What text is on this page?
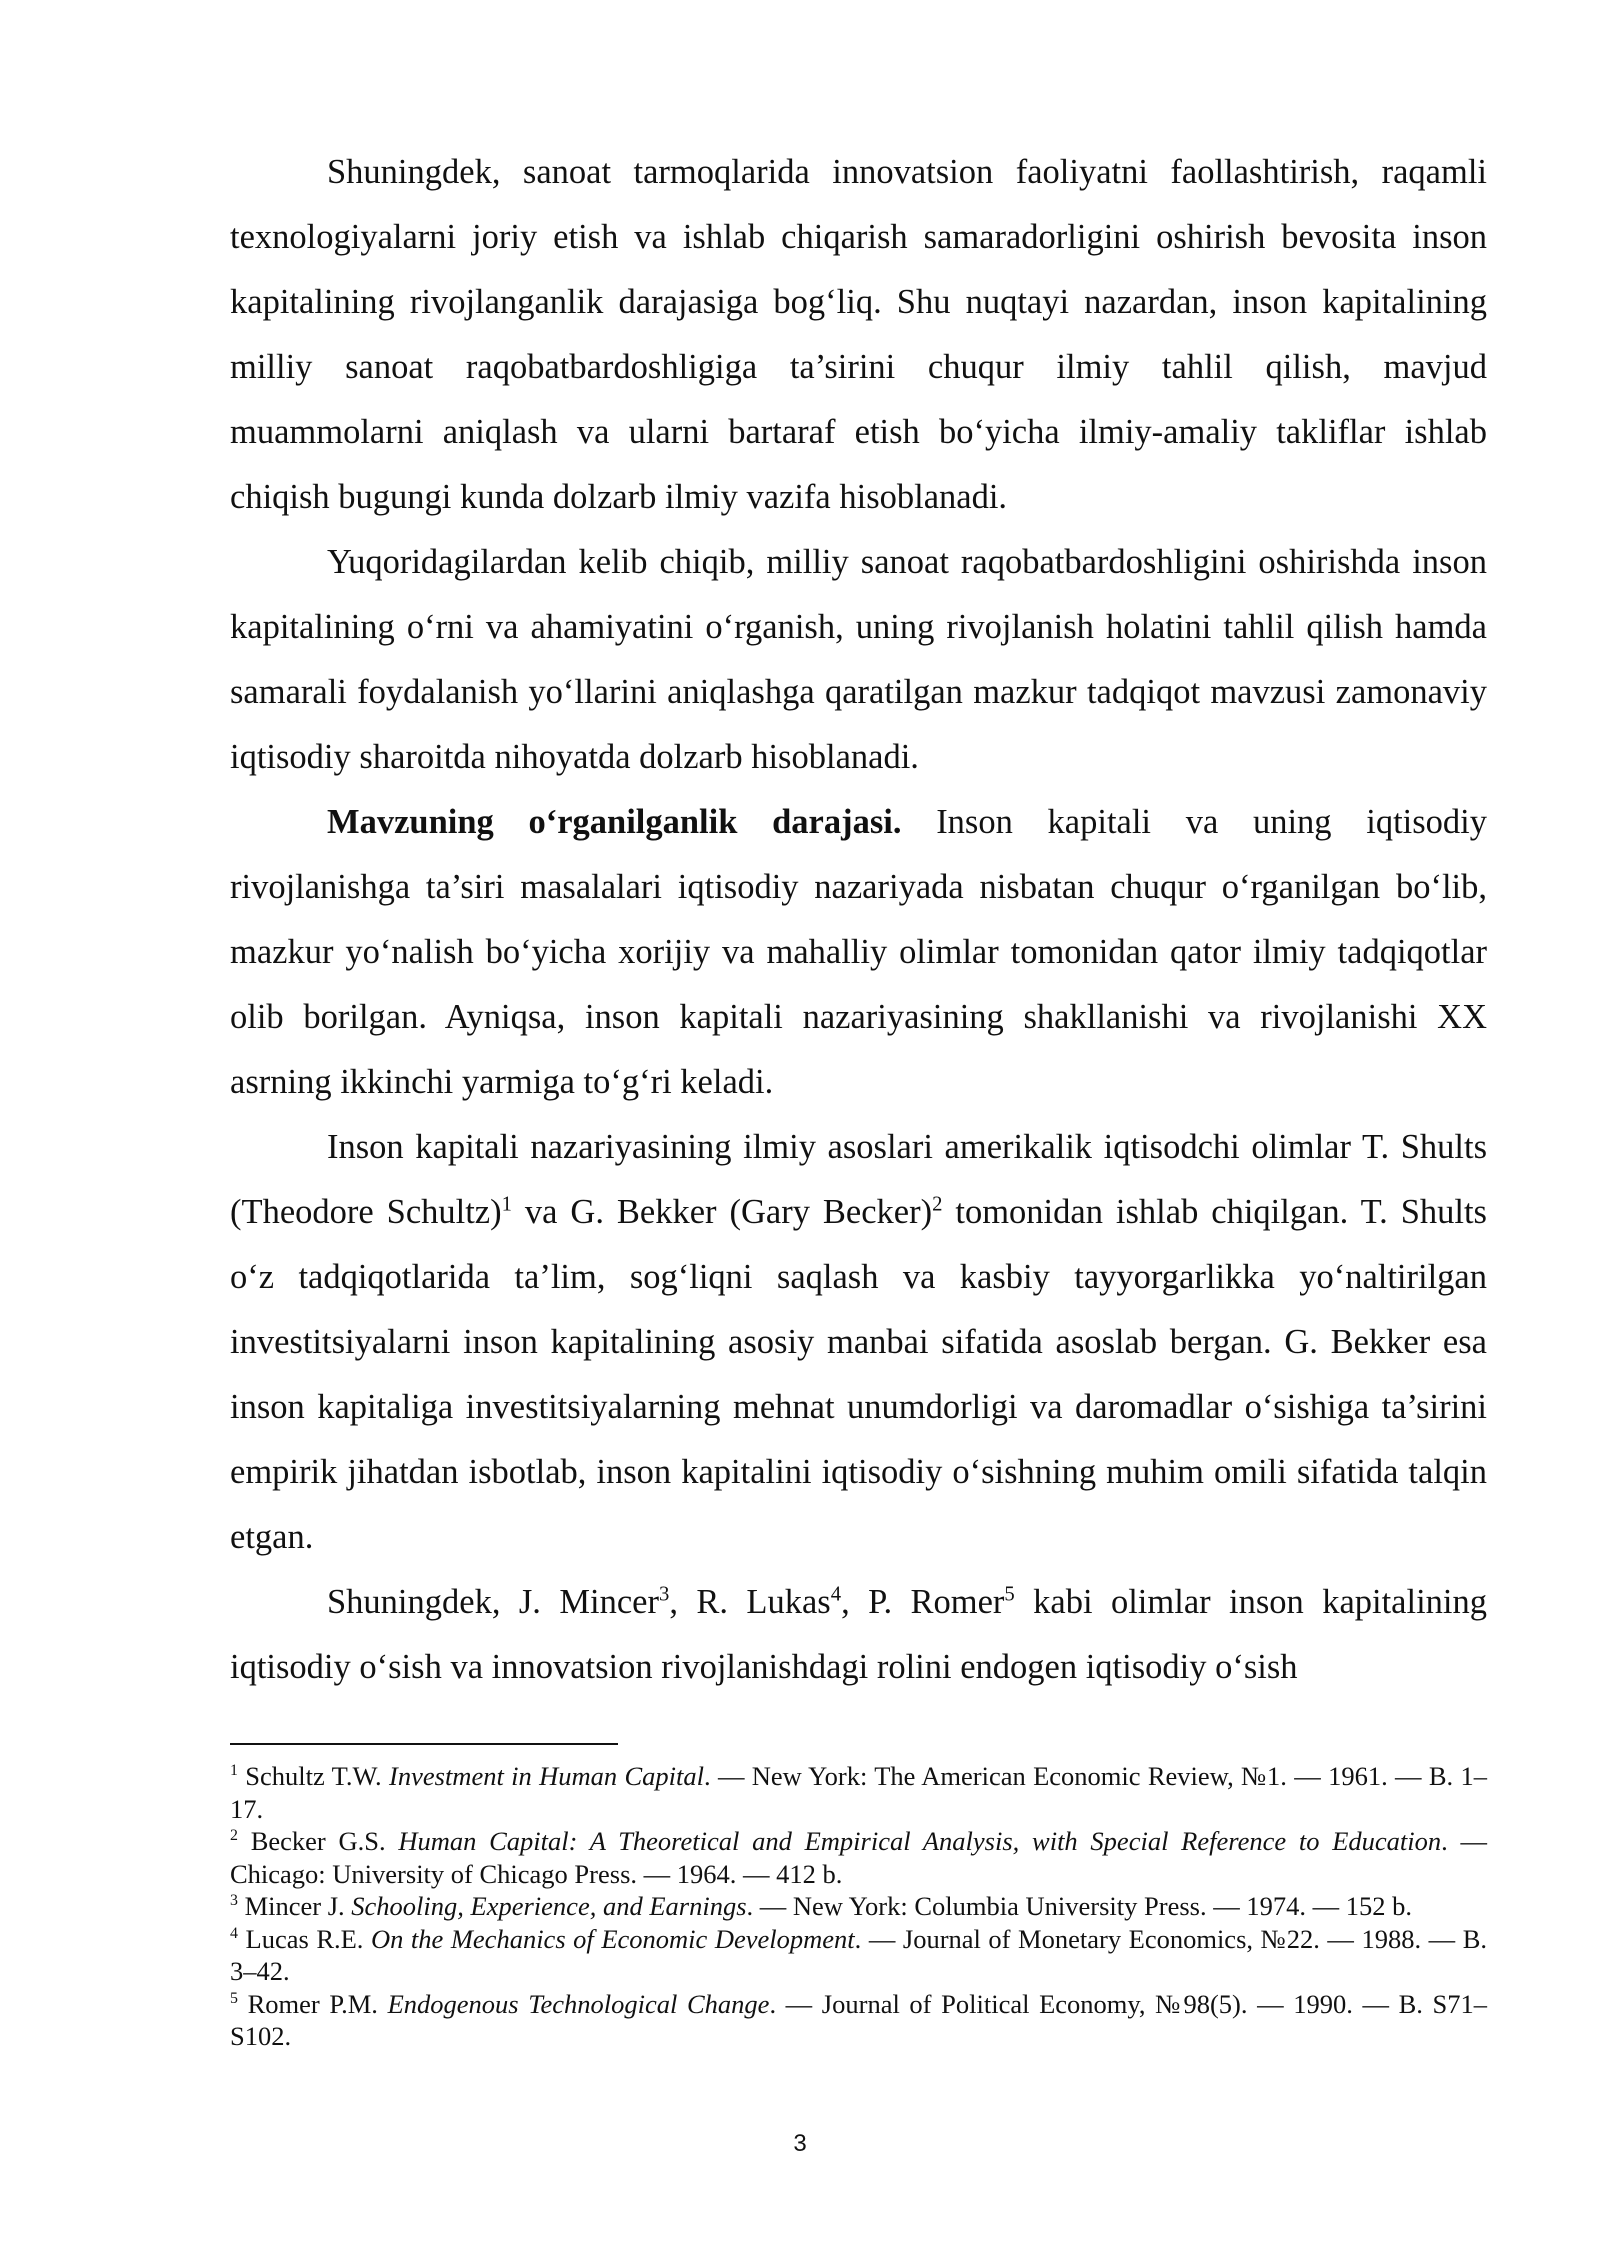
Shuningdek, sanoat tarmoqlarida innovatsion faoliyatni faollashtirish, raqamli texnologiyalarni joriy etish va ishlab chiqarish samaradorligini oshirish bevosita inson kapitalining rivojlanganlik darajasiga bog‘liq. Shu nuqtayi nazardan, inson kapitalining milliy sanoat raqobatbardoshligiga ta’sirini chuqur ilmiy tahlil qilish, mavjud muammolarni aniqlash va ularni bartaraf etish bo‘yicha ilmiy-amaliy takliflar ishlab chiqish bugungi kunda dolzarb ilmiy vazifa hisoblanadi.

Yuqoridagilardan kelib chiqib, milliy sanoat raqobatbardoshligini oshirishda inson kapitalining o‘rni va ahamiyatini o‘rganish, uning rivojlanish holatini tahlil qilish hamda samarali foydalanish yo‘llarini aniqlashga qaratilgan mazkur tadqiqot mavzusi zamonaviy iqtisodiy sharoitda nihoyatda dolzarb hisoblanadi.

Mavzuning o‘rganilganlik darajasi. Inson kapitali va uning iqtisodiy rivojlanishga ta’siri masalalari iqtisodiy nazariyada nisbatan chuqur o‘rganilgan bo‘lib, mazkur yo‘nalish bo‘yicha xorijiy va mahalliy olimlar tomonidan qator ilmiy tadqiqotlar olib borilgan. Ayniqsa, inson kapitali nazariyasining shakllanishi va rivojlanishi XX asrning ikkinchi yarmiga to‘g‘ri keladi.

Inson kapitali nazariyasining ilmiy asoslari amerikalik iqtisodchi olimlar T. Shults (Theodore Schultz)$^1$ va G. Bekker (Gary Becker)$^2$ tomonidan ishlab chiqilgan. T. Shults o‘z tadqiqotlarida ta’lim, sog‘liqni saqlash va kasbiy tayyorgarlikka yo‘naltirilgan investitsiyalarni inson kapitalining asosiy manbai sifatida asoslab bergan. G. Bekker esa inson kapitaliga investitsiyalarning mehnat unumdorligi va daromadlar o‘sishiga ta’sirini empirik jihatdan isbotlab, inson kapitalini iqtisodiy o‘sishning muhim omili sifatida talqin etgan.

Shuningdek, J. Mincer$^3$, R. Lukas$^4$, P. Romer$^5$ kabi olimlar inson kapitalining iqtisodiy o‘sish va innovatsion rivojlanishdagi rolini endogen iqtisodiy o‘sish

$^1$ Schultz T.W. Investment in Human Capital. — New York: The American Economic Review, №1. — 1961. — B. 1–17.

$^2$ Becker G.S. Human Capital: A Theoretical and Empirical Analysis, with Special Reference to Education. — Chicago: University of Chicago Press. — 1964. — 412 b.

$^3$ Mincer J. Schooling, Experience, and Earnings. — New York: Columbia University Press. — 1974. — 152 b.

$^4$ Lucas R.E. On the Mechanics of Economic Development. — Journal of Monetary Economics, №22. — 1988. — B. 3–42.

$^5$ Romer P.M. Endogenous Technological Change. — Journal of Political Economy, №98(5). — 1990. — B. S71–S102.

3
